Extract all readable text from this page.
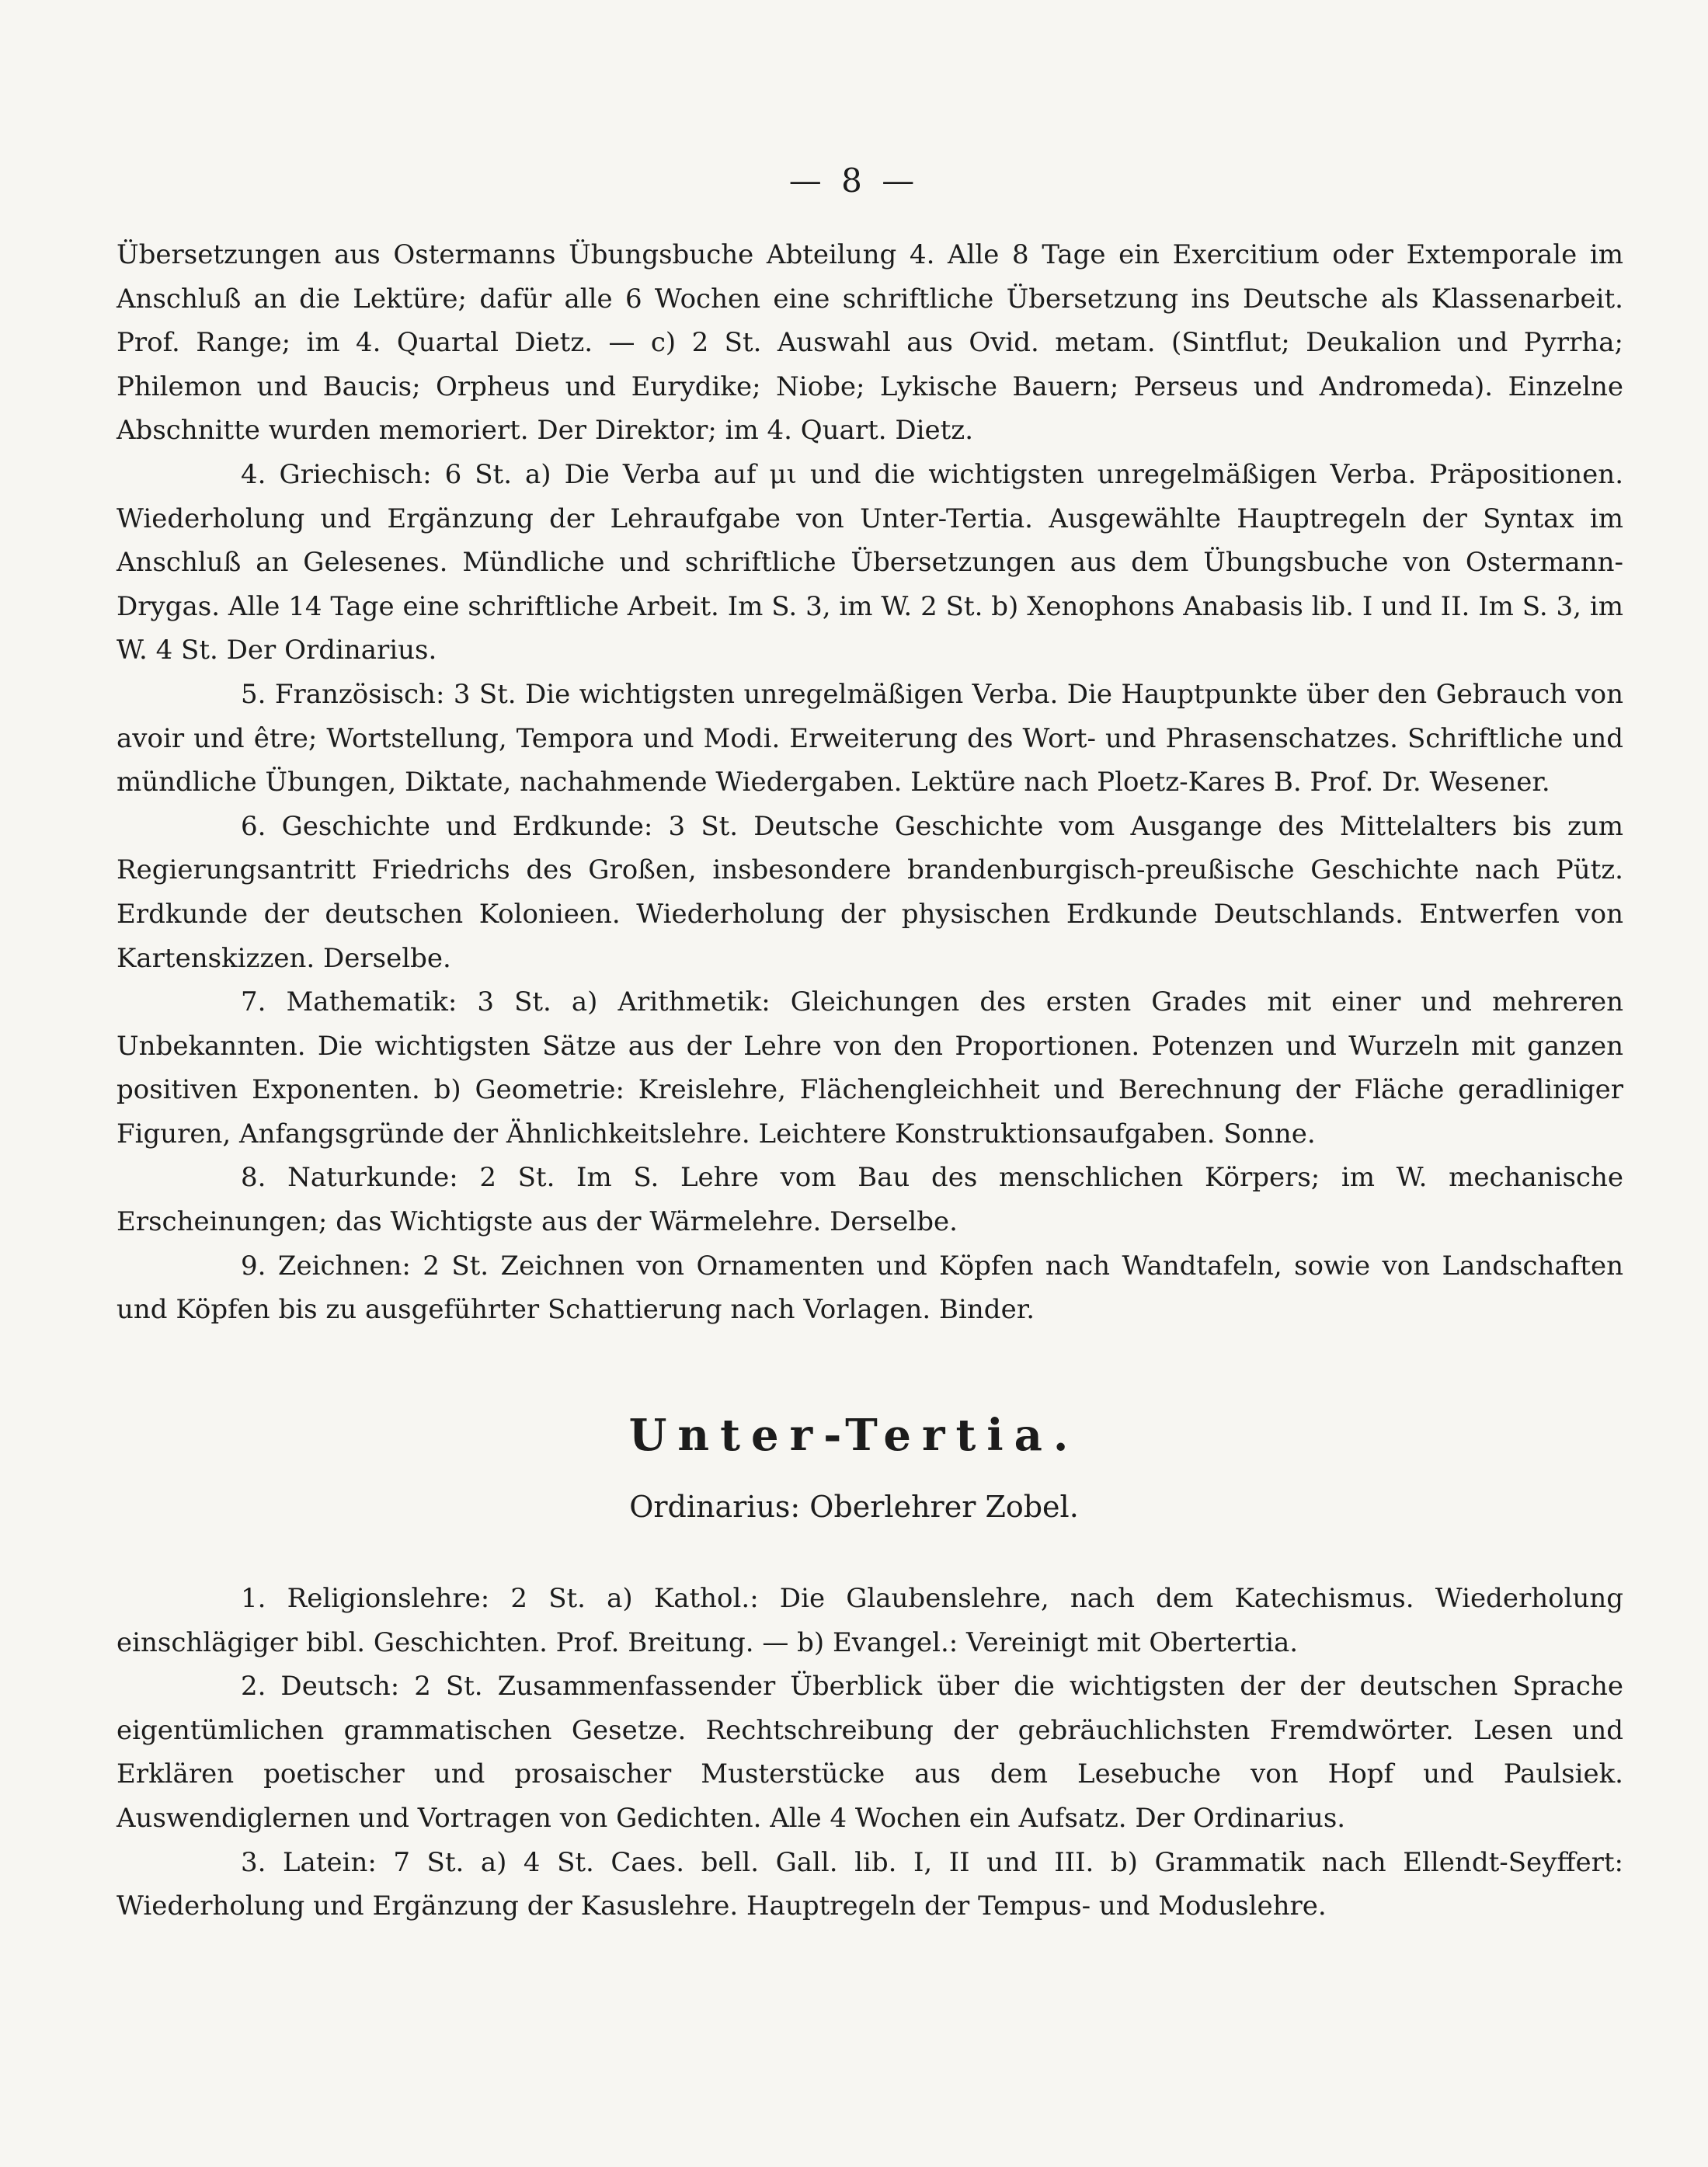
— 8 —

Übersetzungen aus Ostermanns Übungsbuche Abteilung 4. Alle 8 Tage ein Exercitium oder Extemporale im Anschluß an die Lektüre; dafür alle 6 Wochen eine schriftliche Übersetzung ins Deutsche als Klassenarbeit. Prof. Range; im 4. Quartal Dietz. — c) 2 St. Auswahl aus Ovid. metam. (Sintflut; Deukalion und Pyrrha; Philemon und Baucis; Orpheus und Eurydike; Niobe; Lykische Bauern; Perseus und Andromeda). Einzelne Abschnitte wurden memoriert. Der Direktor; im 4. Quart. Dietz.

4. Griechisch: 6 St. a) Die Verba auf μι und die wichtigsten unregelmäßigen Verba. Präpositionen. Wiederholung und Ergänzung der Lehraufgabe von Unter-Tertia. Ausgewählte Hauptregeln der Syntax im Anschluß an Gelesenes. Mündliche und schriftliche Übersetzungen aus dem Übungsbuche von Ostermann-Drygas. Alle 14 Tage eine schriftliche Arbeit. Im S. 3, im W. 2 St. b) Xenophons Anabasis lib. I und II. Im S. 3, im W. 4 St. Der Ordinarius.

5. Französisch: 3 St. Die wichtigsten unregelmäßigen Verba. Die Hauptpunkte über den Gebrauch von avoir und être; Wortstellung, Tempora und Modi. Erweiterung des Wort- und Phrasenschatzes. Schriftliche und mündliche Übungen, Diktate, nachahmende Wiedergaben. Lektüre nach Ploetz-Kares B. Prof. Dr. Wesener.

6. Geschichte und Erdkunde: 3 St. Deutsche Geschichte vom Ausgange des Mittelalters bis zum Regierungsantritt Friedrichs des Großen, insbesondere brandenburgisch-preußische Geschichte nach Pütz. Erdkunde der deutschen Kolonieen. Wiederholung der physischen Erdkunde Deutschlands. Entwerfen von Kartenskizzen. Derselbe.

7. Mathematik: 3 St. a) Arithmetik: Gleichungen des ersten Grades mit einer und mehreren Unbekannten. Die wichtigsten Sätze aus der Lehre von den Proportionen. Potenzen und Wurzeln mit ganzen positiven Exponenten. b) Geometrie: Kreislehre, Flächengleichheit und Berechnung der Fläche geradliniger Figuren, Anfangsgründe der Ähnlichkeitslehre. Leichtere Konstruktionsaufgaben. Sonne.

8. Naturkunde: 2 St. Im S. Lehre vom Bau des menschlichen Körpers; im W. mechanische Erscheinungen; das Wichtigste aus der Wärmelehre. Derselbe.

9. Zeichnen: 2 St. Zeichnen von Ornamenten und Köpfen nach Wandtafeln, sowie von Landschaften und Köpfen bis zu ausgeführter Schattierung nach Vorlagen. Binder.

Unter-Tertia.
Ordinarius: Oberlehrer Zobel.

1. Religionslehre: 2 St. a) Kathol.: Die Glaubenslehre, nach dem Katechismus. Wiederholung einschlägiger bibl. Geschichten. Prof. Breitung. — b) Evangel.: Vereinigt mit Obertertia.

2. Deutsch: 2 St. Zusammenfassender Überblick über die wichtigsten der der deutschen Sprache eigentümlichen grammatischen Gesetze. Rechtschreibung der gebräuchlichsten Fremdwörter. Lesen und Erklären poetischer und prosaischer Musterstücke aus dem Lesebuche von Hopf und Paulsiek. Auswendiglernen und Vortragen von Gedichten. Alle 4 Wochen ein Aufsatz. Der Ordinarius.

3. Latein: 7 St. a) 4 St. Caes. bell. Gall. lib. I, II und III. b) Grammatik nach Ellendt-Seyffert: Wiederholung und Ergänzung der Kasuslehre. Hauptregeln der Tempus- und Moduslehre.
